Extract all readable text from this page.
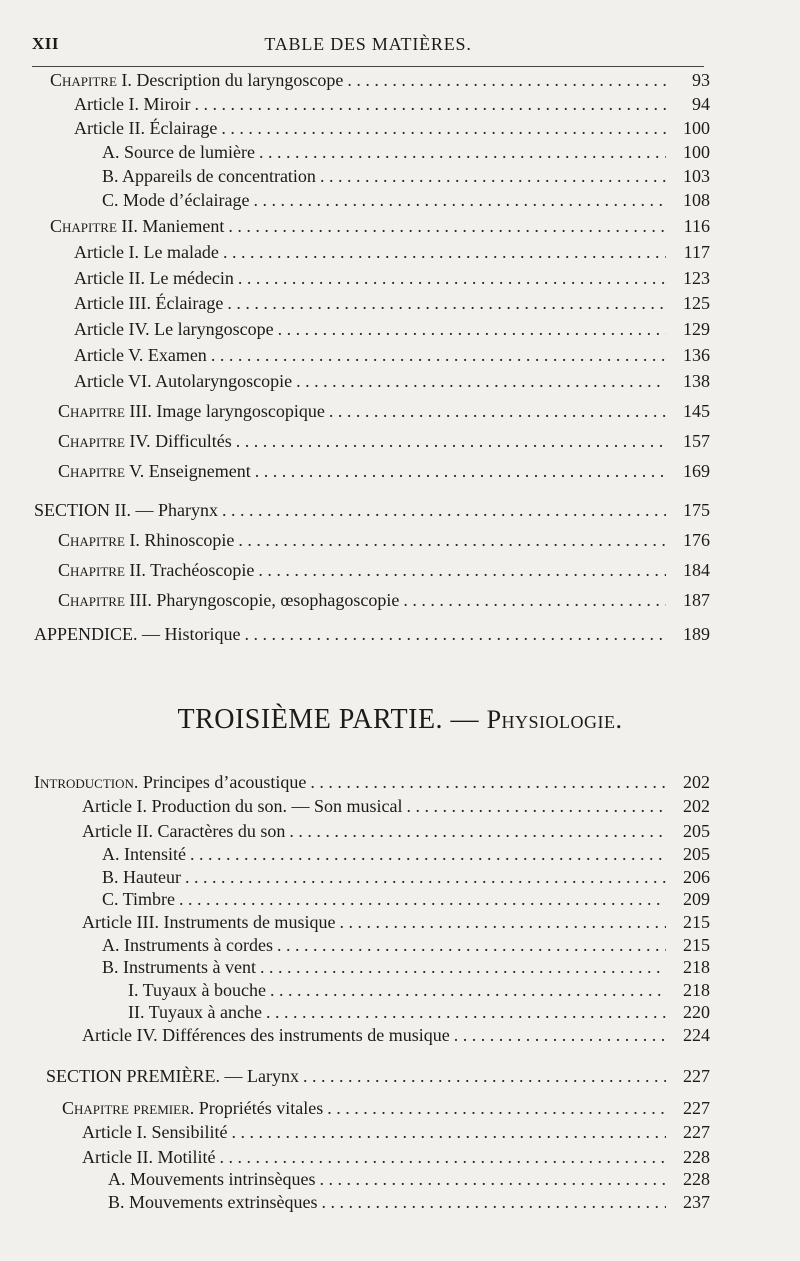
XII	TABLE DES MATIÈRES.
Chapitre I. Description du laryngoscope . . .	93
Article I. Miroir . . .	94
Article II. Éclairage . . .	100
A. Source de lumière . . .	100
B. Appareils de concentration . . .	103
C. Mode d’éclairage . . .	108
Chapitre II. Maniement . . .	116
Article I. Le malade . . .	117
Article II. Le médecin . . .	123
Article III. Éclairage . . .	125
Article IV. Le laryngoscope . . .	129
Article V. Examen . . .	136
Article VI. Autolaryngoscopie . . .	138
Chapitre III. Image laryngoscopique . . .	145
Chapitre IV. Difficultés . . .	157
Chapitre V. Enseignement . . .	169
SECTION II. — Pharynx . . .	175
Chapitre I. Rhinoscopie . . .	176
Chapitre II. Trachéoscopie . . .	184
Chapitre III. Pharyngoscopie, œsophagoscopie . . .	187
APPENDICE. — Historique . . .	189
TROISIÈME PARTIE. — Physiologie.
Introduction. Principes d’acoustique . . .	202
Article I. Production du son. — Son musical . . .	202
Article II. Caractères du son . . .	205
A. Intensité . . .	205
B. Hauteur . . .	206
C. Timbre . . .	209
Article III. Instruments de musique . . .	215
A. Instruments à cordes . . .	215
B. Instruments à vent . . .	218
I. Tuyaux à bouche . . .	218
II. Tuyaux à anche . . .	220
Article IV. Différences des instruments de musique . . .	224
SECTION PREMIÈRE. — Larynx . . .	227
Chapitre premier. Propriétés vitales . . .	227
Article I. Sensibilité . . .	227
Article II. Motilité . . .	228
A. Mouvements intrinsèques . . .	228
B. Mouvements extrinsèques . . .	237
